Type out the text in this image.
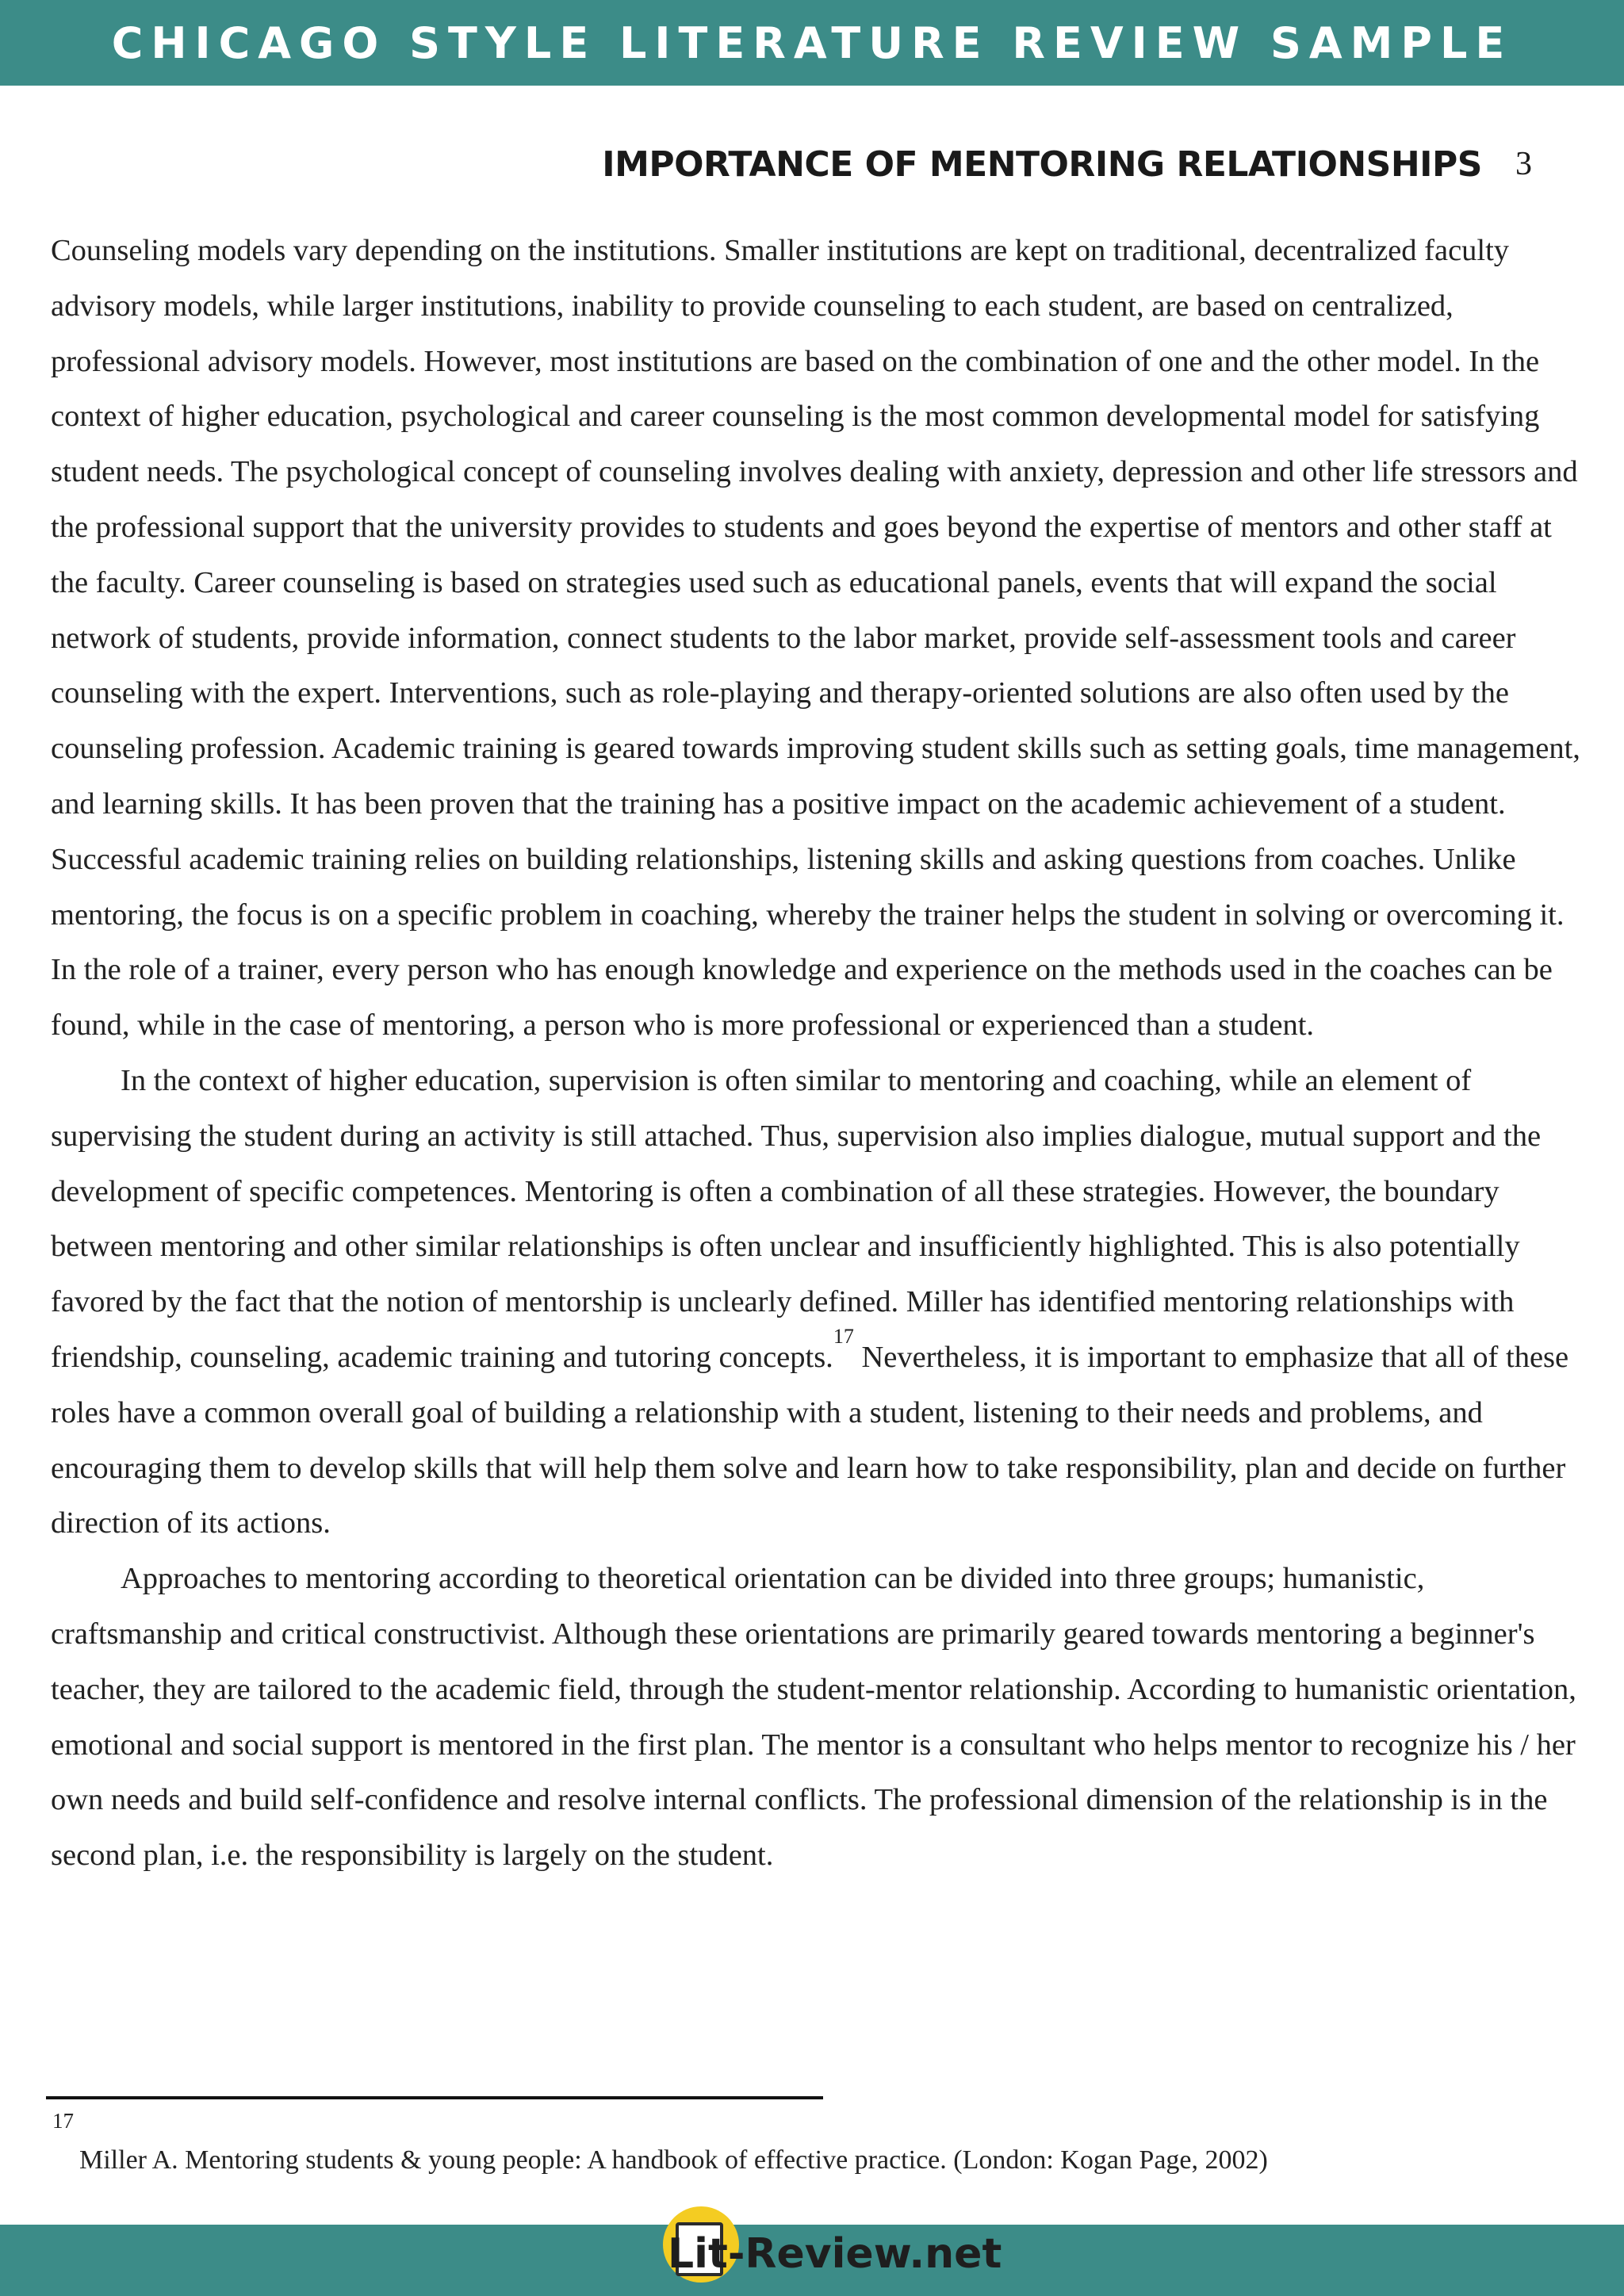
CHICAGO STYLE LITERATURE REVIEW SAMPLE
IMPORTANCE OF MENTORING RELATIONSHIPS 3

Counseling models vary depending on the institutions. Smaller institutions are kept on traditional, decentralized faculty advisory models, while larger institutions, inability to provide counseling to each student, are based on centralized, professional advisory models. However, most institutions are based on the combination of one and the other model. In the context of higher education, psychological and career counseling is the most common developmental model for satisfying student needs. The psychological concept of counseling involves dealing with anxiety, depression and other life stressors and the professional support that the university provides to students and goes beyond the expertise of mentors and other staff at the faculty. Career counseling is based on strategies used such as educational panels, events that will expand the social network of students, provide information, connect students to the labor market, provide self-assessment tools and career counseling with the expert. Interventions, such as role-playing and therapy-oriented solutions are also often used by the counseling profession. Academic training is geared towards improving student skills such as setting goals, time management, and learning skills. It has been proven that the training has a positive impact on the academic achievement of a student. Successful academic training relies on building relationships, listening skills and asking questions from coaches. Unlike mentoring, the focus is on a specific problem in coaching, whereby the trainer helps the student in solving or overcoming it. In the role of a trainer, every person who has enough knowledge and experience on the methods used in the coaches can be found, while in the case of mentoring, a person who is more professional or experienced than a student.

In the context of higher education, supervision is often similar to mentoring and coaching, while an element of supervising the student during an activity is still attached. Thus, supervision also implies dialogue, mutual support and the development of specific competences. Mentoring is often a combination of all these strategies. However, the boundary between mentoring and other similar relationships is often unclear and insufficiently highlighted. This is also potentially favored by the fact that the notion of mentorship is unclearly defined. Miller has identified mentoring relationships with friendship, counseling, academic training and tutoring concepts.$^{17}$ Nevertheless, it is important to emphasize that all of these roles have a common overall goal of building a relationship with a student, listening to their needs and problems, and encouraging them to develop skills that will help them solve and learn how to take responsibility, plan and decide on further direction of its actions.

Approaches to mentoring according to theoretical orientation can be divided into three groups; humanistic, craftsmanship and critical constructivist. Although these orientations are primarily geared towards mentoring a beginner's teacher, they are tailored to the academic field, through the student-mentor relationship. According to humanistic orientation, emotional and social support is mentored in the first plan. The mentor is a consultant who helps mentor to recognize his / her own needs and build self-confidence and resolve internal conflicts. The professional dimension of the relationship is in the second plan, i.e. the responsibility is largely on the student.

17
Miller A. Mentoring students & young people: A handbook of effective practice. (London: Kogan Page, 2002)
Lit-Review.net
